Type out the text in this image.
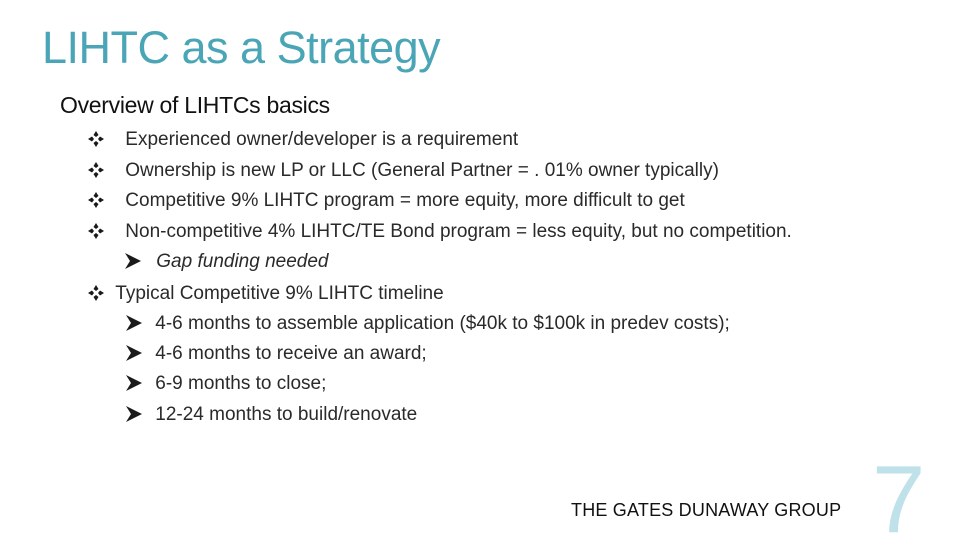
LIHTC as a Strategy
Overview of LIHTCs basics
Experienced owner/developer is a requirement
Ownership is new LP or LLC (General Partner = . 01% owner typically)
Competitive 9% LIHTC program = more equity, more difficult to get
Non-competitive 4% LIHTC/TE Bond program = less equity, but no competition.
Gap funding needed
Typical Competitive 9% LIHTC timeline
4-6 months to assemble application ($40k to $100k in predev costs);
4-6 months to receive an award;
6-9 months to close;
12-24 months to build/renovate
THE GATES DUNAWAY GROUP 7
